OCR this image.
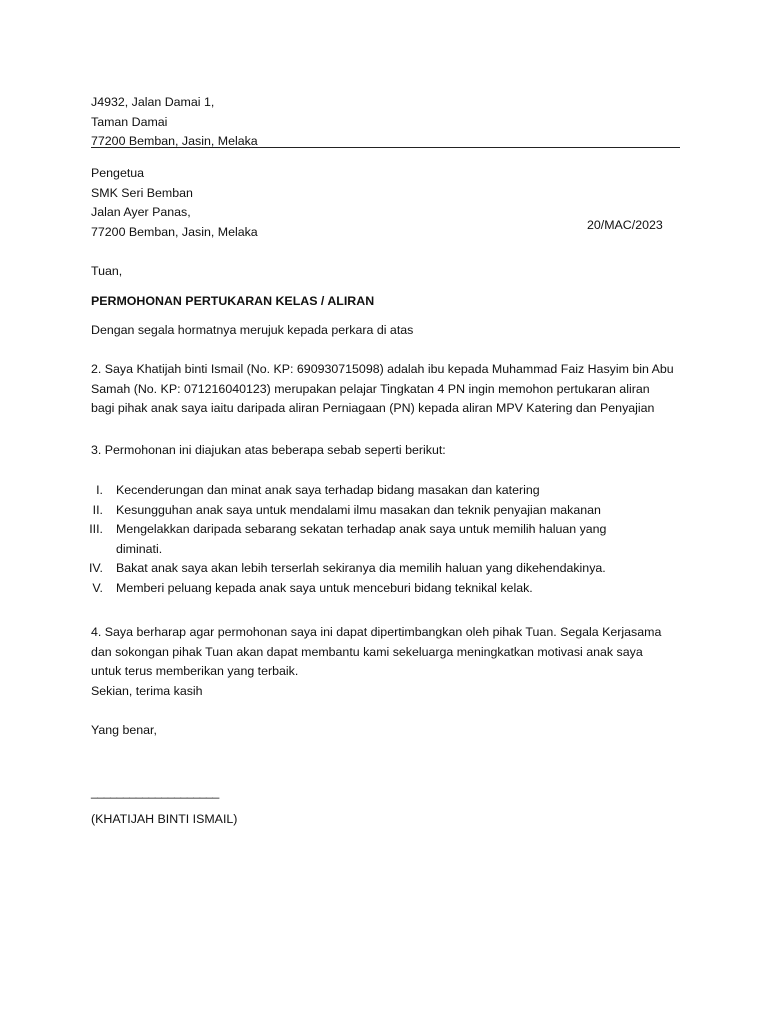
J4932, Jalan Damai 1,
Taman Damai
77200 Bemban, Jasin, Melaka
Pengetua
SMK Seri Bemban
Jalan Ayer Panas,
77200 Bemban, Jasin, Melaka	20/MAC/2023
Tuan,
PERMOHONAN PERTUKARAN KELAS / ALIRAN
Dengan segala hormatnya merujuk kepada perkara di atas
2. Saya Khatijah binti Ismail (No. KP: 690930715098) adalah ibu kepada Muhammad Faiz Hasyim bin Abu
Samah (No. KP: 071216040123) merupakan pelajar Tingkatan 4 PN ingin memohon pertukaran aliran
bagi pihak anak saya iaitu daripada aliran Perniagaan (PN) kepada aliran MPV Katering dan Penyajian
3. Permohonan ini diajukan atas beberapa sebab seperti berikut:
I. Kecenderungan dan minat anak saya terhadap bidang masakan dan katering
II. Kesungguhan anak saya untuk mendalami ilmu masakan dan teknik penyajian makanan
III. Mengelakkan daripada sebarang sekatan terhadap anak saya untuk memilih haluan yang
diminati.
IV. Bakat anak saya akan lebih terserlah sekiranya dia memilih haluan yang dikehendakinya.
V. Memberi peluang kepada anak saya untuk menceburi bidang teknikal kelak.
4. Saya berharap agar permohonan saya ini dapat dipertimbangkan oleh pihak Tuan. Segala Kerjasama
dan sokongan pihak Tuan akan dapat membantu kami sekeluarga meningkatkan motivasi anak saya
untuk terus memberikan yang terbaik.
Sekian, terima kasih
Yang benar,
____________________
(KHATIJAH BINTI ISMAIL)
